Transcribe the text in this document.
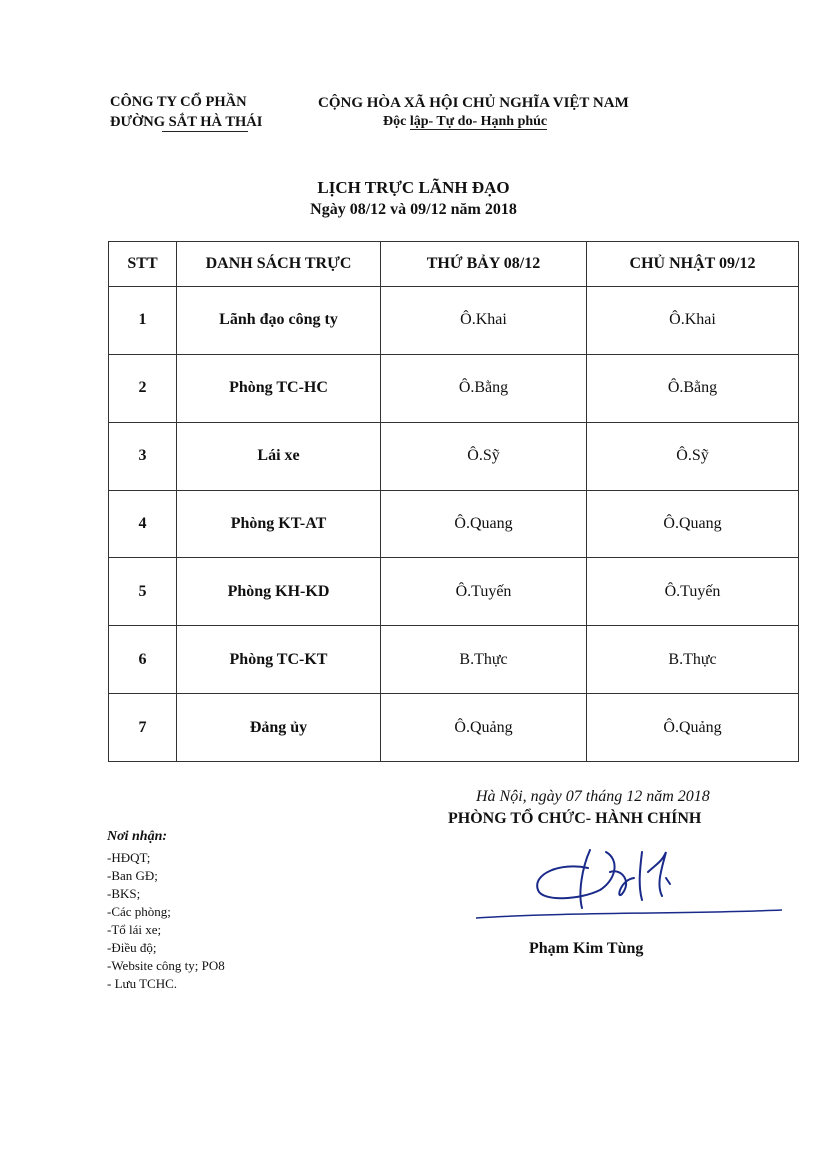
CÔNG TY CỔ PHẦN
ĐƯỜNG SẮT HÀ THÁI
CỘNG HÒA XÃ HỘI CHỦ NGHĨA VIỆT NAM
Độc lập- Tự do- Hạnh phúc
LỊCH TRỰC LÃNH ĐẠO
Ngày 08/12 và 09/12 năm 2018
STT	DANH SÁCH TRỰC	THỨ BẢY 08/12	CHỦ NHẬT 09/12
1	Lãnh đạo công ty	Ô.Khai	Ô.Khai
2	Phòng TC-HC	Ô.Bằng	Ô.Bằng
3	Lái xe	Ô.Sỹ	Ô.Sỹ
4	Phòng KT-AT	Ô.Quang	Ô.Quang
5	Phòng KH-KD	Ô.Tuyến	Ô.Tuyến
6	Phòng TC-KT	B.Thực	B.Thực
7	Đảng ủy	Ô.Quảng	Ô.Quảng
Hà Nội, ngày 07 tháng 12 năm 2018
PHÒNG TỔ CHỨC- HÀNH CHÍNH
Nơi nhận:
-HĐQT;
-Ban GĐ;
-BKS;
-Các phòng;
-Tổ lái xe;
-Điều độ;
-Website công ty; PO8
- Lưu TCHC.
Phạm Kim Tùng
